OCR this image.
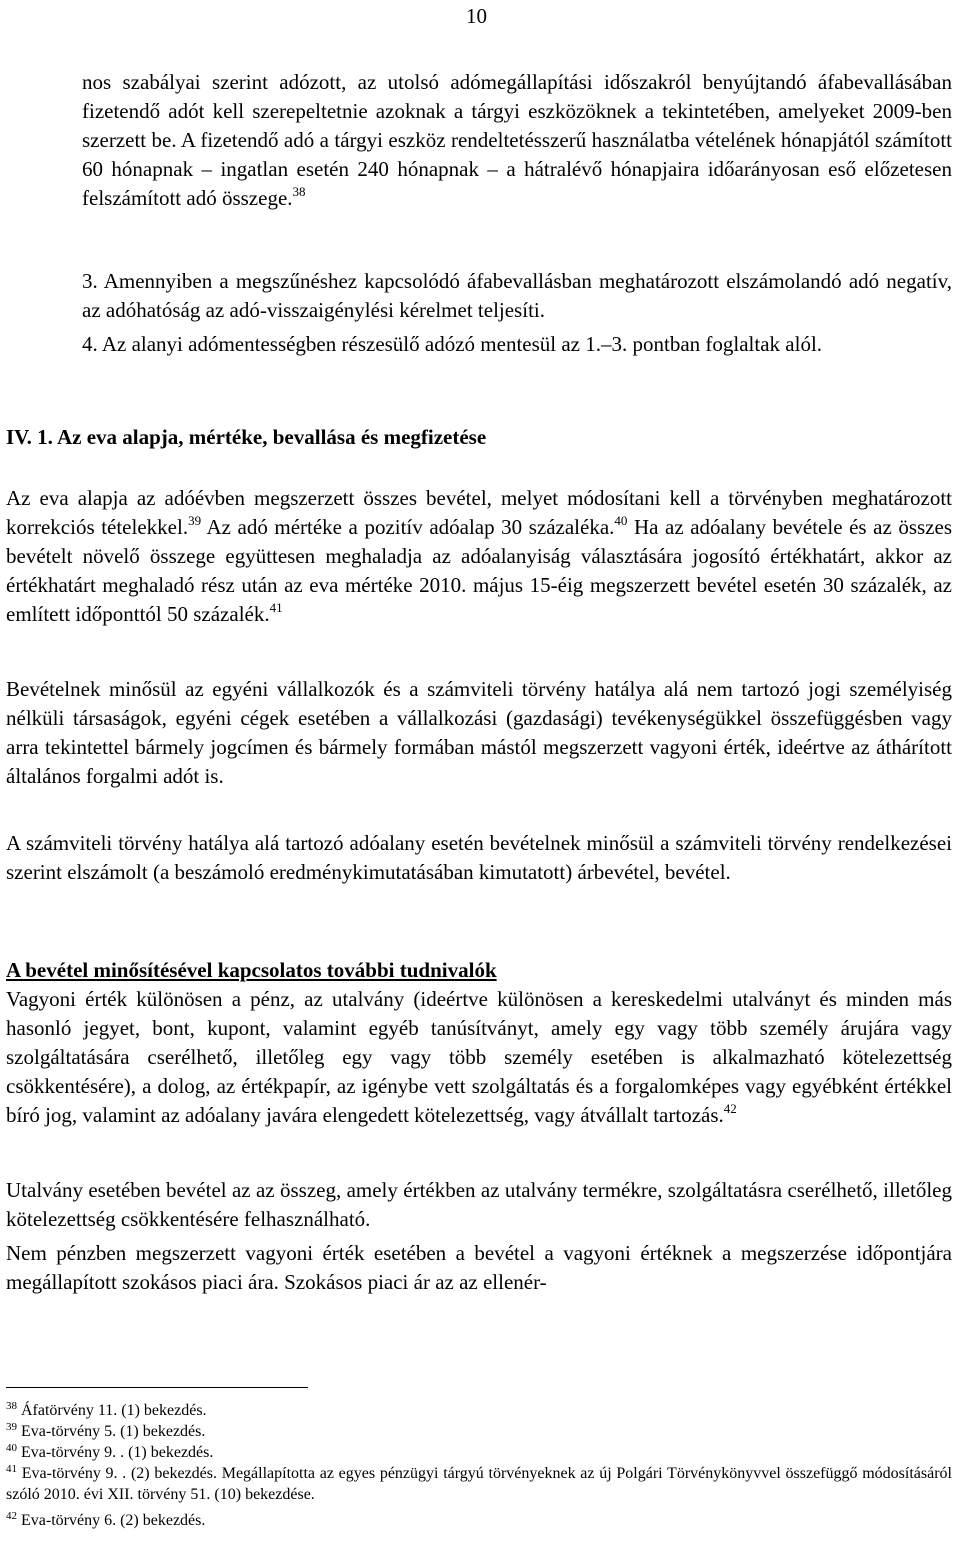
10
nos szabályai szerint adózott, az utolsó adómegállapítási időszakról benyújtandó áfabevallásában fizetendő adót kell szerepeltetnie azoknak a tárgyi eszközöknek a tekintetében, amelyeket 2009-ben szerzett be. A fizetendő adó a tárgyi eszköz rendeltetésszerű használatba vételének hónapjától számított 60 hónapnak – ingatlan esetén 240 hónapnak – a hátralévő hónapjaira időarányosan eső előzetesen felszámított adó összege.$^{38}$
3. Amennyiben a megszűnéshez kapcsolódó áfabevallásban meghatározott elszámolandó adó negatív, az adóhatóság az adó-visszaigénylési kérelmet teljesíti.
4. Az alanyi adómentességben részesülő adózó mentesül az 1.–3. pontban foglaltak alól.
IV. 1. Az eva alapja, mértéke, bevallása és megfizetése
Az eva alapja az adóévben megszerzett összes bevétel, melyet módosítani kell a törvényben meghatározott korrekciós tételekkel.$^{39}$ Az adó mértéke a pozitív adóalap 30 százaléka.$^{40}$ Ha az adóalany bevétele és az összes bevételt növelő összege együttesen meghaladja az adóalanyiság választására jogosító értékhatárt, akkor az értékhatárt meghaladó rész után az eva mértéke 2010. május 15-éig megszerzett bevétel esetén 30 százalék, az említett időponttól 50 százalék.$^{41}$
Bevételnek minősül az egyéni vállalkozók és a számviteli törvény hatálya alá nem tartozó jogi személyiség nélküli társaságok, egyéni cégek esetében a vállalkozási (gazdasági) tevékenységükkel összefüggésben vagy arra tekintettel bármely jogcímen és bármely formában mástól megszerzett vagyoni érték, ideértve az áthárított általános forgalmi adót is.
A számviteli törvény hatálya alá tartozó adóalany esetén bevételnek minősül a számviteli törvény rendelkezései szerint elszámolt (a beszámoló eredménykimutatásában kimutatott) árbevétel, bevétel.
A bevétel minősítésével kapcsolatos további tudnivalók
Vagyoni érték különösen a pénz, az utalvány (ideértve különösen a kereskedelmi utalványt és minden más hasonló jegyet, bont, kupont, valamint egyéb tanúsítványt, amely egy vagy több személy árujára vagy szolgáltatására cserélhető, illetőleg egy vagy több személy esetében is alkalmazható kötelezettség csökkentésére), a dolog, az értékpapír, az igénybe vett szolgáltatás és a forgalomképes vagy egyébként értékkel bíró jog, valamint az adóalany javára elengedett kötelezettség, vagy átvállalt tartozás.$^{42}$
Utalvány esetében bevétel az az összeg, amely értékben az utalvány termékre, szolgáltatásra cserélhető, illetőleg kötelezettség csökkentésére felhasználható.
Nem pénzben megszerzett vagyoni érték esetében a bevétel a vagyoni értéknek a megszerzése időpontjára megállapított szokásos piaci ára. Szokásos piaci ár az az ellenér-
$^{38}$ Áfatörvény 11. (1) bekezdés.
$^{39}$ Eva-törvény 5. (1) bekezdés.
$^{40}$ Eva-törvény 9. . (1) bekezdés.
$^{41}$ Eva-törvény 9. . (2) bekezdés. Megállapította az egyes pénzügyi tárgyú törvényeknek az új Polgári Törvénykönyvvel összefüggő módosításáról szóló 2010. évi XII. törvény 51. (10) bekezdése.
$^{42}$ Eva-törvény 6. (2) bekezdés.
